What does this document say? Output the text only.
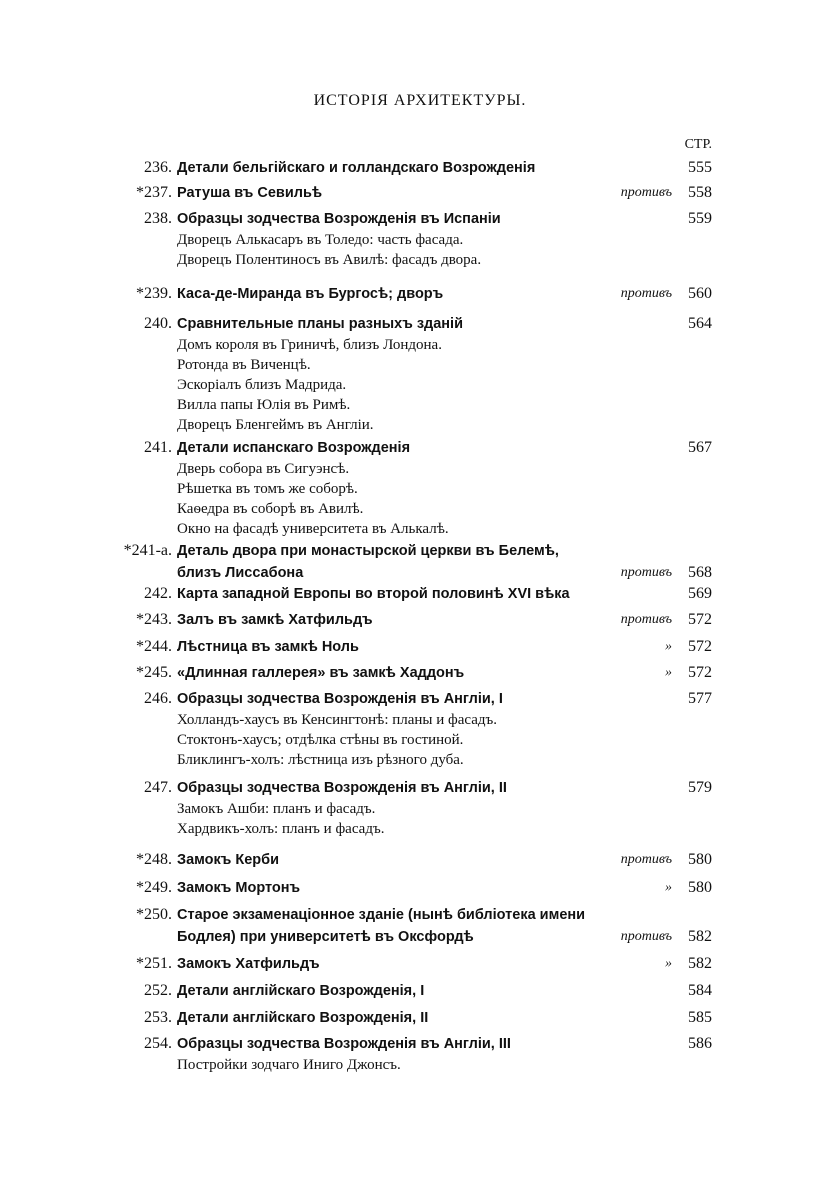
ИСТОРІЯ АРХИТЕКТУРЫ.
СТР.
236. Детали бельгійскаго и голландскаго Возрожденія . . .	555
*237. Ратуша въ Севильѣ . . .	противъ 558
238. Образцы зодчества Возрожденія въ Испаніи . . .	559
Дворецъ Алькасаръ въ Толедо: часть фасада.
Дворецъ Полентиносъ въ Авилѣ: фасадъ двора.
*239. Каса-де-Миранда въ Бургосѣ; дворъ . . .	противъ 560
240. Сравнительные планы разныхъ зданій . . .	564
Домъ короля въ Гриничѣ, близъ Лондона.
Ротонда въ Виченцѣ.
Эскоріалъ близъ Мадрида.
Вилла папы Юлія въ Римѣ.
Дворецъ Бленгеймъ въ Англіи.
241. Детали испанскаго Возрожденія . . .	567
Дверь собора въ Сигуэнсѣ.
Рѣшетка въ томъ же соборѣ.
Каѳедра въ соборѣ въ Авилѣ.
Окно на фасадѣ университета въ Алькалѣ.
*241-а. Деталь двора при монастырской церкви въ Белемѣ,
близъ Лиссабона . . .	противъ 568
242. Карта западной Европы во второй половинѣ XVI вѣка . . .	569
*243. Залъ въ замкѣ Хатфильдъ . . .	противъ 572
*244. Лѣстница въ замкѣ Ноль . . .	» 572
*245. «Длинная галлерея» въ замкѣ Хаддонъ . . .	» 572
246. Образцы зодчества Возрожденія въ Англіи, I . . .	577
Холландъ-хаусъ въ Кенсингтонѣ: планы и фасадъ.
Стоктонъ-хаусъ; отдѣлка стѣны въ гостиной.
Бликлингъ-холъ: лѣстница изъ рѣзного дуба.
247. Образцы зодчества Возрожденія въ Англіи, II . . .	579
Замокъ Ашби: планъ и фасадъ.
Хардвикъ-холъ: планъ и фасадъ.
*248. Замокъ Керби . . .	противъ 580
*249. Замокъ Мортонъ . . .	» 580
*250. Старое экзаменаціонное зданіе (нынѣ библіотека имени
Бодлея) при университетѣ въ Оксфордѣ . . .	противъ 582
*251. Замокъ Хатфильдъ . . .	» 582
252. Детали англійскаго Возрожденія, I . . .	584
253. Детали англійскаго Возрожденія, II . . .	585
254. Образцы зодчества Возрожденія въ Англіи, III . . .	586
Постройки зодчаго Иниго Джонсъ.
